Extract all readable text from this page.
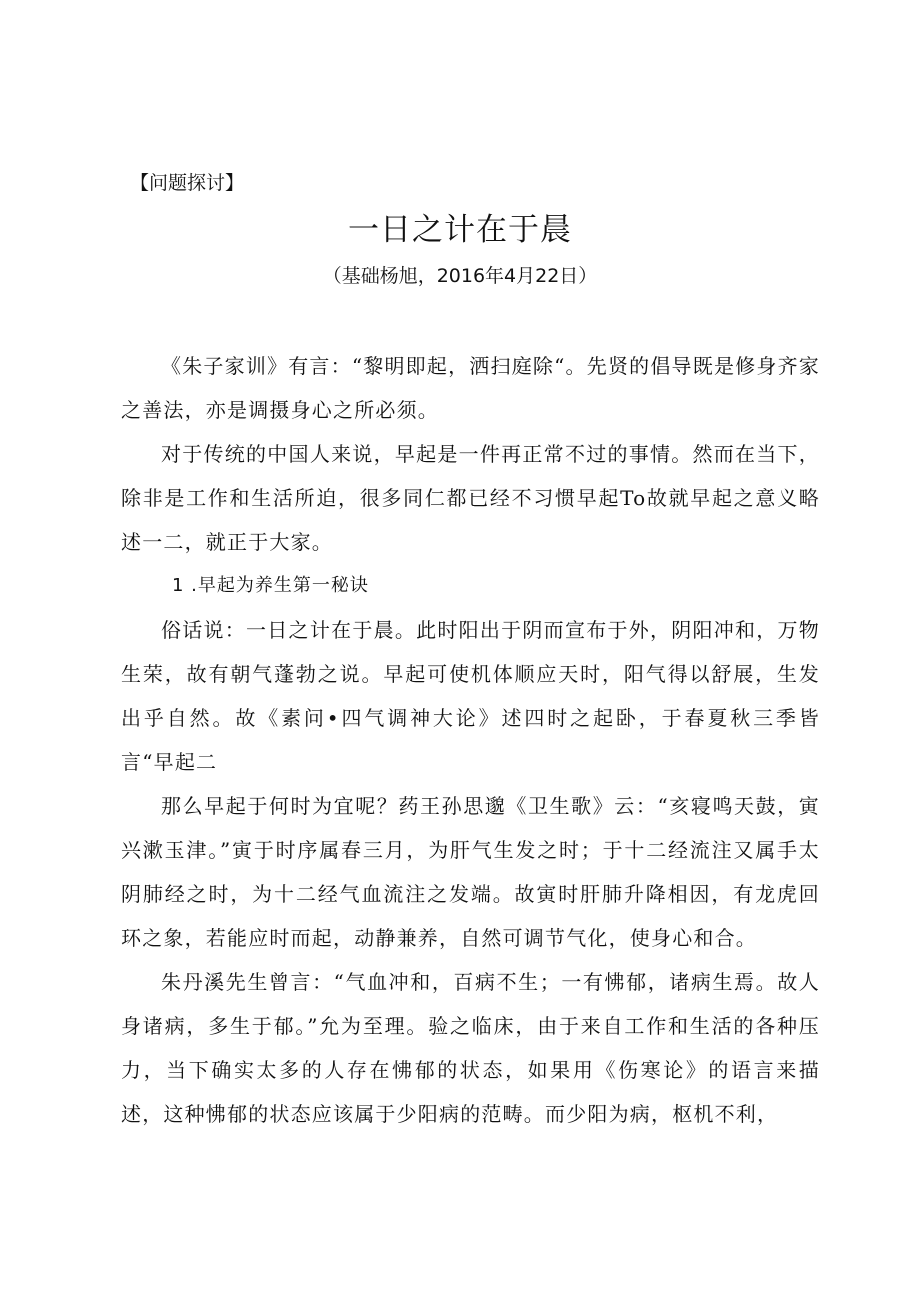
【问题探讨】
一日之计在于晨
（基础杨旭，2016年4月22日）

《朱子家训》有言：“黎明即起，洒扫庭除“。先贤的倡导既是修身齐家之善法，亦是调摄身心之所必须。

对于传统的中国人来说，早起是一件再正常不过的事情。然而在当下，除非是工作和生活所迫，很多同仁都已经不习惯早起To故就早起之意义略述一二，就正于大家。

1 .早起为养生第一秘诀

俗话说：一日之计在于晨。此时阳出于阴而宣布于外，阴阳冲和，万物生荣，故有朝气蓬勃之说。早起可使机体顺应天时，阳气得以舒展，生发出乎自然。故《素问•四气调神大论》述四时之起卧，于春夏秋三季皆言“早起二

那么早起于何时为宜呢？药王孙思邈《卫生歌》云：“亥寝鸣天鼓，寅兴漱玉津。”寅于时序属春三月，为肝气生发之时；于十二经流注又属手太阴肺经之时，为十二经气血流注之发端。故寅时肝肺升降相因，有龙虎回环之象，若能应时而起，动静兼养，自然可调节气化，使身心和合。

朱丹溪先生曾言：“气血冲和，百病不生；一有怫郁，诸病生焉。故人身诸病，多生于郁。”允为至理。验之临床，由于来自工作和生活的各种压力，当下确实太多的人存在怫郁的状态，如果用《伤寒论》的语言来描述，这种怫郁的状态应该属于少阳病的范畴。而少阳为病，枢机不利，
